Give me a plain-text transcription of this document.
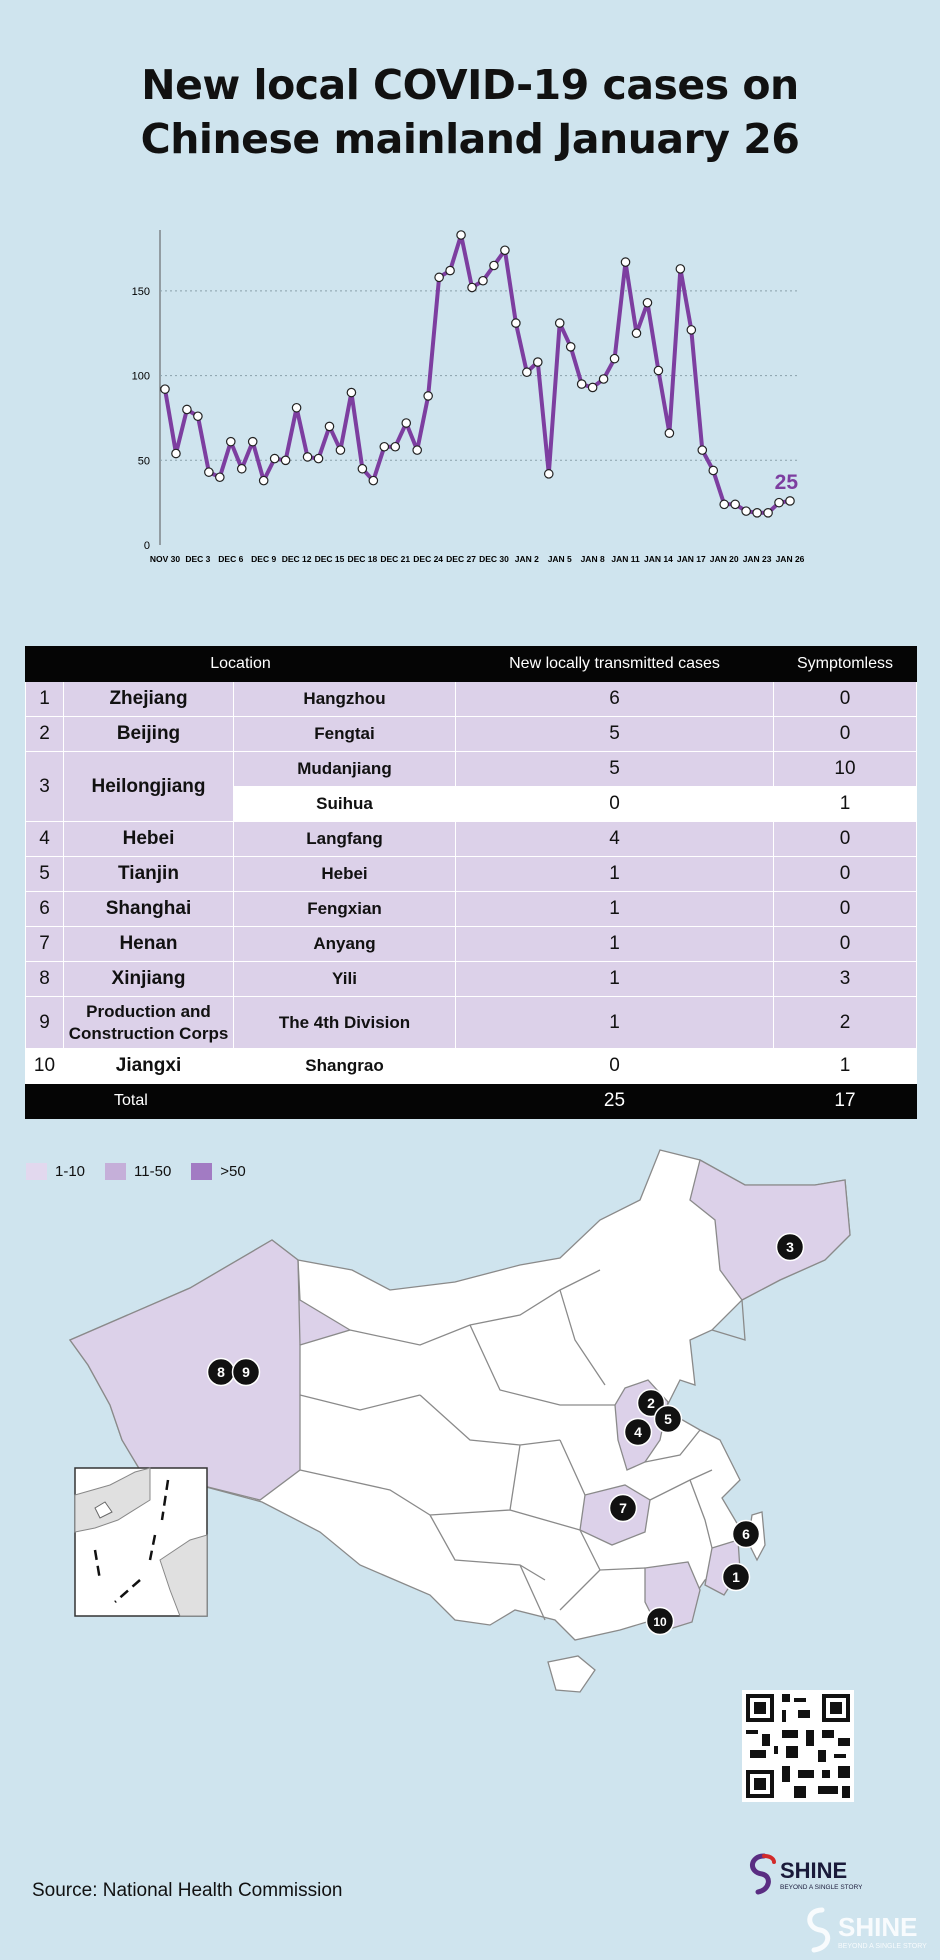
New local COVID-19 cases on
Chinese mainland January 26
0
50
100
150
NOV 30 DEC 3 DEC 6 DEC 9 DEC 12 DEC 15 DEC 18 DEC 21 DEC 24 DEC 27 DEC 30 JAN 2 JAN 5 JAN 8 JAN 11 JAN 14 JAN 17 JAN 20 JAN 23 JAN 26
25
Location			New locally transmitted cases	Symptomless
1	Zhejiang	Hangzhou	6	0
2	Beijing	Fengtai	5	0
3	Heilongjiang	Mudanjiang	5	10
		Suihua	0	1
4	Hebei	Langfang	4	0
5	Tianjin	Hebei	1	0
6	Shanghai	Fengxian	1	0
7	Henan	Anyang	1	0
8	Xinjiang	Yili	1	3
9	Production and
Construction Corps	The 4th Division	1	2
10	Jiangxi	Shangrao	0	1
Total			25	17
1
2
3
4
5
6
7
8 9
10
1-10	11-50	>50
Source: National Health Commission
SHINE
BEYOND A SINGLE STORY
SHINE
BEYOND A SINGLE STORY
